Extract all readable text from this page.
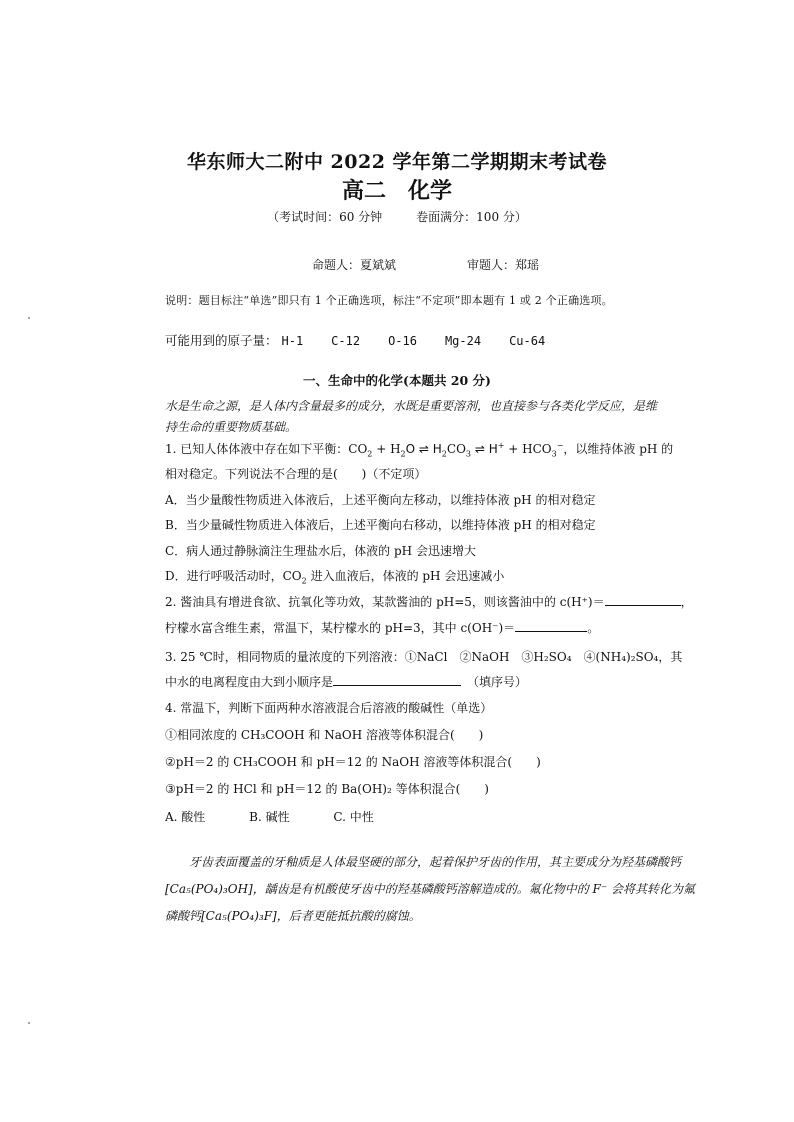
华东师大二附中 2022 学年第二学期期末考试卷
高二 化学
（考试时间：60 分钟	卷面满分：100 分）
命题人：夏斌斌	审题人：郑瑶
说明：题目标注“单选”即只有 1 个正确选项，标注“不定项”即本题有 1 或 2 个正确选项。
可能用到的原子量： H-1 C-12 O-16 Mg-24 Cu-64
一、生命中的化学(本题共 20 分)
水是生命之源，是人体内含量最多的成分，水既是重要溶剂，也直接参与各类化学反应，是维持生命的重要物质基础。
1. 已知人体体液中存在如下平衡：$CO_2 + H_2O$ ⇌ $H_2CO_3$ ⇌ $H^+ + HCO_3^-$，以维持体液 pH 的
相对稳定。下列说法不合理的是(　　)（不定项）
A．当少量酸性物质进入体液后，上述平衡向左移动，以维持体液 pH 的相对稳定
B．当少量碱性物质进入体液后，上述平衡向右移动，以维持体液 pH 的相对稳定
C．病人通过静脉滴注生理盐水后，体液的 pH 会迅速增大
D．进行呼吸活动时，$CO_2$ 进入血液后，体液的 pH 会迅速减小
2. 酱油具有增进食欲、抗氧化等功效，某款酱油的 pH=5，则该酱油中的 c(H⁺)＝	，
柠檬水富含维生素，常温下，某柠檬水的 pH=3，其中 c(OH⁻)＝	。
3. 25 ℃时，相同物质的量浓度的下列溶液：①NaCl　②NaOH　③H₂SO₄　④(NH₄)₂SO₄，其
中水的电离程度由大到小顺序是　	（填序号）
4. 常温下，判断下面两种水溶液混合后溶液的酸碱性（单选）
①相同浓度的 CH₃COOH 和 NaOH 溶液等体积混合(　　)
②pH＝2 的 CH₃COOH 和 pH＝12 的 NaOH 溶液等体积混合(　　)
③pH＝2 的 HCl 和 pH＝12 的 Ba(OH)₂ 等体积混合(　　)
A. 酸性	B. 碱性	C. 中性
牙齿表面覆盖的牙釉质是人体最坚硬的部分，起着保护牙齿的作用，其主要成分为羟基磷酸钙[Ca₅(PO₄)₃OH]，龋齿是有机酸使牙齿中的羟基磷酸钙溶解造成的。氟化物中的 F⁻ 会将其转化为氟磷酸钙[Ca₅(PO₄)₃F]，后者更能抵抗酸的腐蚀。
